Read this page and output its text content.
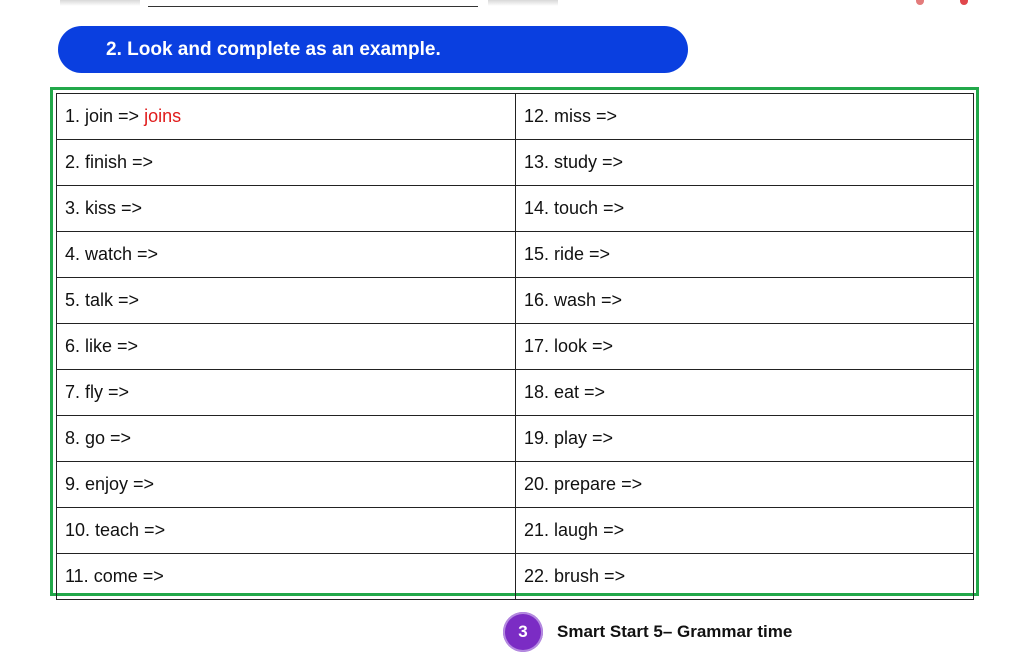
2. Look and complete as an example.
1. join => joins	12. miss =>
2. finish =>	13. study =>
3. kiss =>	14. touch =>
4. watch =>	15. ride =>
5. talk =>	16. wash =>
6. like =>	17. look =>
7. fly =>	18. eat =>
8. go =>	19. play =>
9. enjoy =>	20. prepare =>
10. teach =>	21. laugh =>
11. come =>	22. brush =>
3 Smart Start 5– Grammar time
